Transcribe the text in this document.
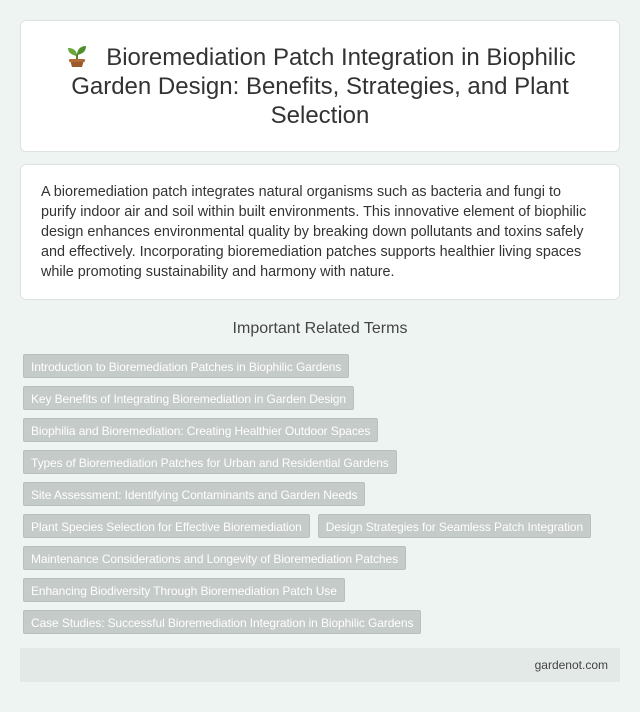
Bioremediation Patch Integration in Biophilic Garden Design: Benefits, Strategies, and Plant Selection

A bioremediation patch integrates natural organisms such as bacteria and fungi to purify indoor air and soil within built environments. This innovative element of biophilic design enhances environmental quality by breaking down pollutants and toxins safely and effectively. Incorporating bioremediation patches supports healthier living spaces while promoting sustainability and harmony with nature.

Important Related Terms
Introduction to Bioremediation Patches in Biophilic Gardens
Key Benefits of Integrating Bioremediation in Garden Design
Biophilia and Bioremediation: Creating Healthier Outdoor Spaces
Types of Bioremediation Patches for Urban and Residential Gardens
Site Assessment: Identifying Contaminants and Garden Needs
Plant Species Selection for Effective Bioremediation	Design Strategies for Seamless Patch Integration
Maintenance Considerations and Longevity of Bioremediation Patches
Enhancing Biodiversity Through Bioremediation Patch Use
Case Studies: Successful Bioremediation Integration in Biophilic Gardens
gardenot.com
